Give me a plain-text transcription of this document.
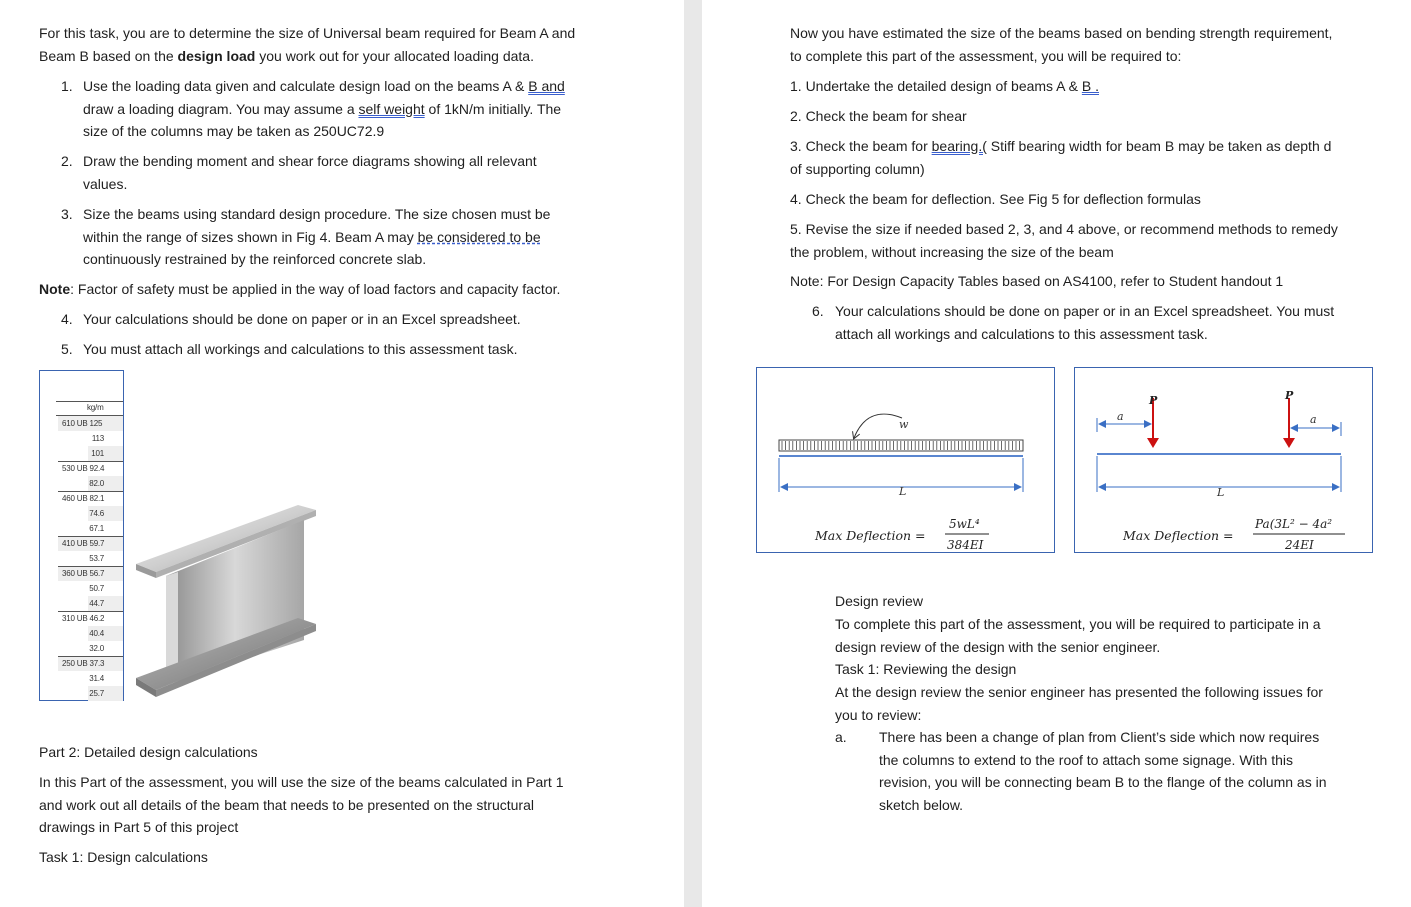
For this task, you are to determine the size of Universal beam required for Beam A and

Beam B based on the design load you work out for your allocated loading data.

1. Use the loading data given and calculate design load on the beams A & B and

draw a loading diagram. You may assume a self weight of 1kN/m initially. The

size of the columns may be taken as 250UC72.9

2. Draw the bending moment and shear force diagrams showing all relevant

values.

3. Size the beams using standard design procedure. The size chosen must be

within the range of sizes shown in Fig 4. Beam A may be considered to be

continuously restrained by the reinforced concrete slab.

Note: Factor of safety must be applied in the way of load factors and capacity factor.

4. Your calculations should be done on paper or in an Excel spreadsheet.

5. You must attach all workings and calculations to this assessment task.

kg/m
610 UB 125
113
101
530 UB 92.4
82.0
460 UB 82.1
74.6
67.1
410 UB 59.7
53.7
360 UB 56.7
50.7
44.7
310 UB 46.2
40.4
32.0
250 UB 37.3
31.4
25.7

Part 2: Detailed design calculations

In this Part of the assessment, you will use the size of the beams calculated in Part 1

and work out all details of the beam that needs to be presented on the structural

drawings in Part 5 of this project

Task 1: Design calculations

Now you have estimated the size of the beams based on bending strength requirement,

to complete this part of the assessment, you will be required to:

1. Undertake the detailed design of beams A & B .

2. Check the beam for shear

3. Check the beam for bearing.( Stiff bearing width for beam B may be taken as depth d

of supporting column)

4. Check the beam for deflection. See Fig 5 for deflection formulas

5. Revise the size if needed based 2, 3, and 4 above, or recommend methods to remedy

the problem, without increasing the size of the beam

Note: For Design Capacity Tables based on AS4100, refer to Student handout 1

6. Your calculations should be done on paper or in an Excel spreadsheet. You must

attach all workings and calculations to this assessment task.

w
L
Max Deflection =
5wL⁴
384EI
P	P
a	a
L
Max Deflection =
Pa(3L² − 4a²
24EI

Design review

To complete this part of the assessment, you will be required to participate in a

design review of the design with the senior engineer.

Task 1: Reviewing the design

At the design review the senior engineer has presented the following issues for

you to review:

a. There has been a change of plan from Client’s side which now requires

the columns to extend to the roof to attach some signage. With this

revision, you will be connecting beam B to the flange of the column as in

sketch below.
